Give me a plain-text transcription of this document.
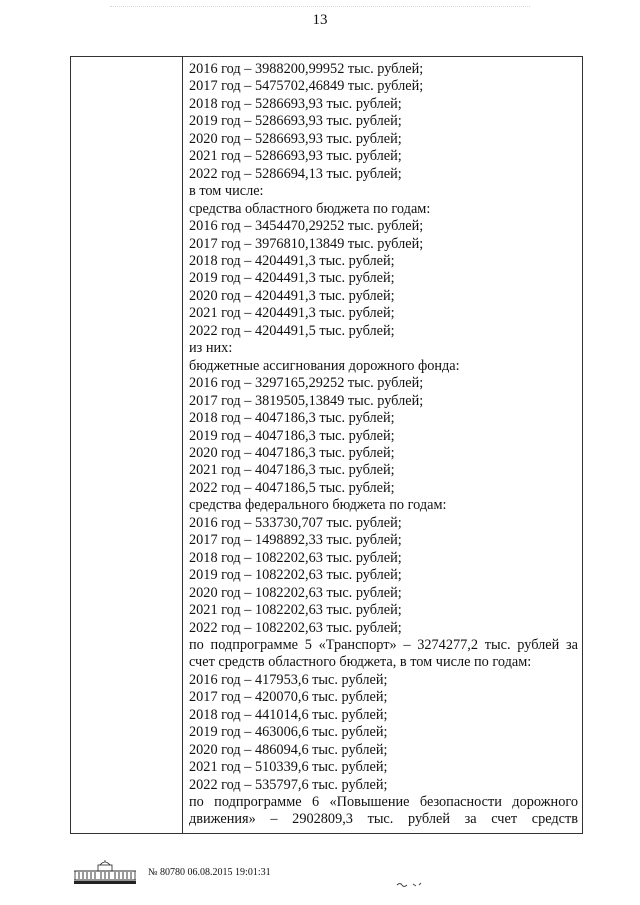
13
2016 год – 3988200,99952 тыс. рублей;
2017 год – 5475702,46849 тыс. рублей;
2018 год – 5286693,93 тыс. рублей;
2019 год – 5286693,93 тыс. рублей;
2020 год – 5286693,93 тыс. рублей;
2021 год – 5286693,93 тыс. рублей;
2022 год – 5286694,13 тыс. рублей;
в том числе:
средства областного бюджета по годам:
2016 год – 3454470,29252 тыс. рублей;
2017 год – 3976810,13849 тыс. рублей;
2018 год – 4204491,3 тыс. рублей;
2019 год – 4204491,3 тыс. рублей;
2020 год – 4204491,3 тыс. рублей;
2021 год – 4204491,3 тыс. рублей;
2022 год – 4204491,5 тыс. рублей;
из них:
бюджетные ассигнования дорожного фонда:
2016 год – 3297165,29252 тыс. рублей;
2017 год – 3819505,13849 тыс. рублей;
2018 год – 4047186,3 тыс. рублей;
2019 год – 4047186,3 тыс. рублей;
2020 год – 4047186,3 тыс. рублей;
2021 год – 4047186,3 тыс. рублей;
2022 год – 4047186,5 тыс. рублей;
средства федерального бюджета по годам:
2016 год – 533730,707 тыс. рублей;
2017 год – 1498892,33 тыс. рублей;
2018 год – 1082202,63 тыс. рублей;
2019 год – 1082202,63 тыс. рублей;
2020 год – 1082202,63 тыс. рублей;
2021 год – 1082202,63 тыс. рублей;
2022 год – 1082202,63 тыс. рублей;
по подпрограмме 5 «Транспорт» – 3274277,2 тыс. рублей за
счет средств областного бюджета, в том числе по годам:
2016 год – 417953,6 тыс. рублей;
2017 год – 420070,6 тыс. рублей;
2018 год – 441014,6 тыс. рублей;
2019 год – 463006,6 тыс. рублей;
2020 год – 486094,6 тыс. рублей;
2021 год – 510339,6 тыс. рублей;
2022 год – 535797,6 тыс. рублей;
по подпрограмме 6 «Повышение безопасности дорожного
движения» – 2902809,3 тыс. рублей за счет средств
№ 80780 06.08.2015 19:01:31
